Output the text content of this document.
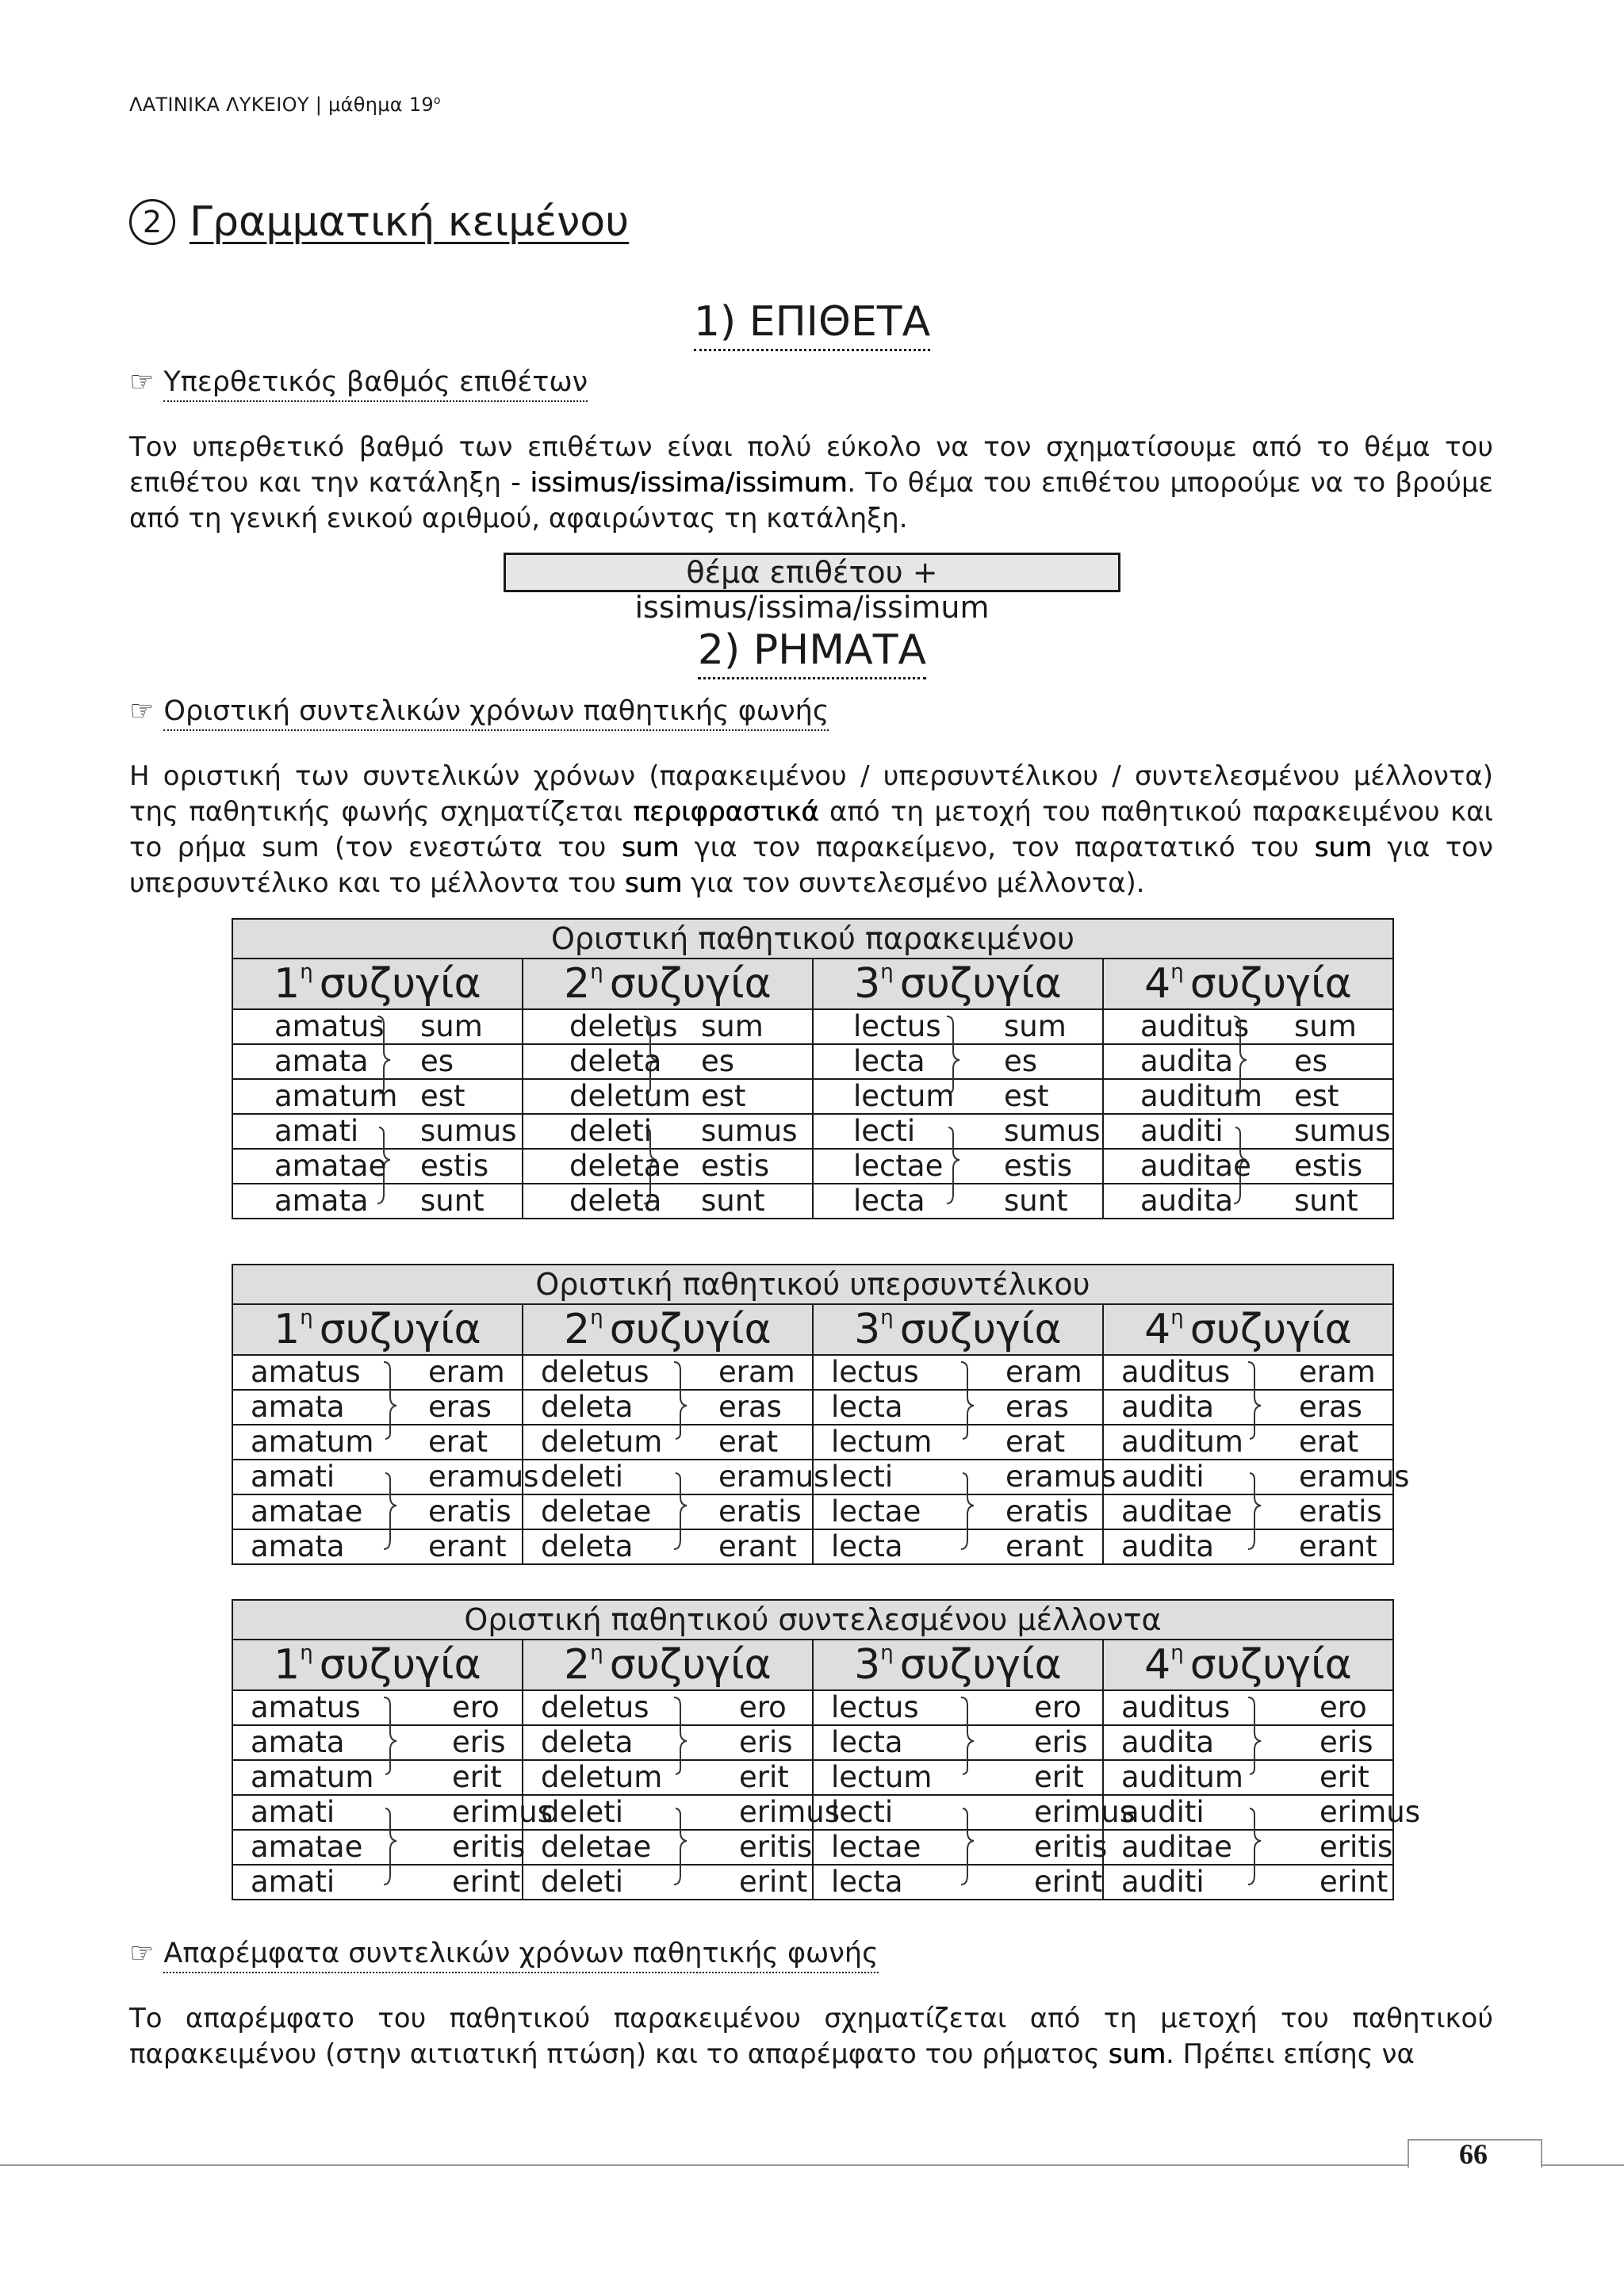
ΛΑΤΙΝΙΚΑ ΛΥΚΕΙΟΥ | μάθημα $19^o$
2 Γραμματική κειμένου
1) ΕΠΙΘΕΤΑ
☞ Υπερθετικός βαθμός επιθέτων

Τον υπερθετικό βαθμό των επιθέτων είναι πολύ εύκολο να τον σχηματίσουμε από το θέμα του επιθέτου και την κατάληξη - issimus/issima/issimum. Το θέμα του επιθέτου μπορούμε να το βρούμε από τη γενική ενικού αριθμού, αφαιρώντας τη κατάληξη.

θέμα επιθέτου + issimus/issima/issimum
2) ΡΗΜΑΤΑ
☞ Οριστική συντελικών χρόνων παθητικής φωνής

Η οριστική των συντελικών χρόνων (παρακειμένου / υπερσυντέλικου / συντελεσμένου μέλλοντα) της παθητικής φωνής σχηματίζεται περιφραστικά από τη μετοχή του παθητικού παρακειμένου και το ρήμα sum (τον ενεστώτα του sum για τον παρακείμενο, τον παρατατικό του sum για τον υπερσυντέλικο και το μέλλοντα του sum για τον συντελεσμένο μέλλοντα).

Οριστική παθητικού παρακειμένου			
$1^\eta$ συζυγία	$2^\eta$ συζυγία	$3^\eta$ συζυγία	$4^\eta$ συζυγία

amatus sum	deletus sum	lectus sum	auditus sum

amata es	deleta es	lecta es	audita es

amatum est	deletum est	lectum est	auditum est

amati sumus	deleti sumus	lecti sumus	auditi sumus

amatae estis	deletae estis	lectae estis	auditae estis

amata sunt	deleta sunt	lecta sunt	audita sunt
Οριστική παθητικού υπερσυντέλικου			
$1^\eta$ συζυγία	$2^\eta$ συζυγία	$3^\eta$ συζυγία	$4^\eta$ συζυγία

amatus eram	deletus eram	lectus eram	auditus eram

amata eras	deleta eras	lecta eras	audita eras

amatum erat	deletum erat	lectum erat	auditum erat

amati eramus	deleti eramus	lecti eramus	auditi eramus

amatae eratis	deletae eratis	lectae eratis	auditae eratis

amata erant	deleta erant	lecta erant	audita erant
Οριστική παθητικού συντελεσμένου μέλλοντα			
$1^\eta$ συζυγία	$2^\eta$ συζυγία	$3^\eta$ συζυγία	$4^\eta$ συζυγία

amatus ero	deletus ero	lectus ero	auditus ero

amata eris	deleta eris	lecta eris	audita eris

amatum erit	deletum erit	lectum erit	auditum erit

amati erimus	deleti erimus	lecti erimus	auditi erimus

amatae eritis	deletae eritis	lectae eritis	auditae eritis

amati erint	deleti erint	lecta erint	auditi erint
☞ Απαρέμφατα συντελικών χρόνων παθητικής φωνής

Το απαρέμφατο του παθητικού παρακειμένου σχηματίζεται από τη μετοχή του παθητικού παρακειμένου (στην αιτιατική πτώση) και το απαρέμφατο του ρήματος sum. Πρέπει επίσης να

66
